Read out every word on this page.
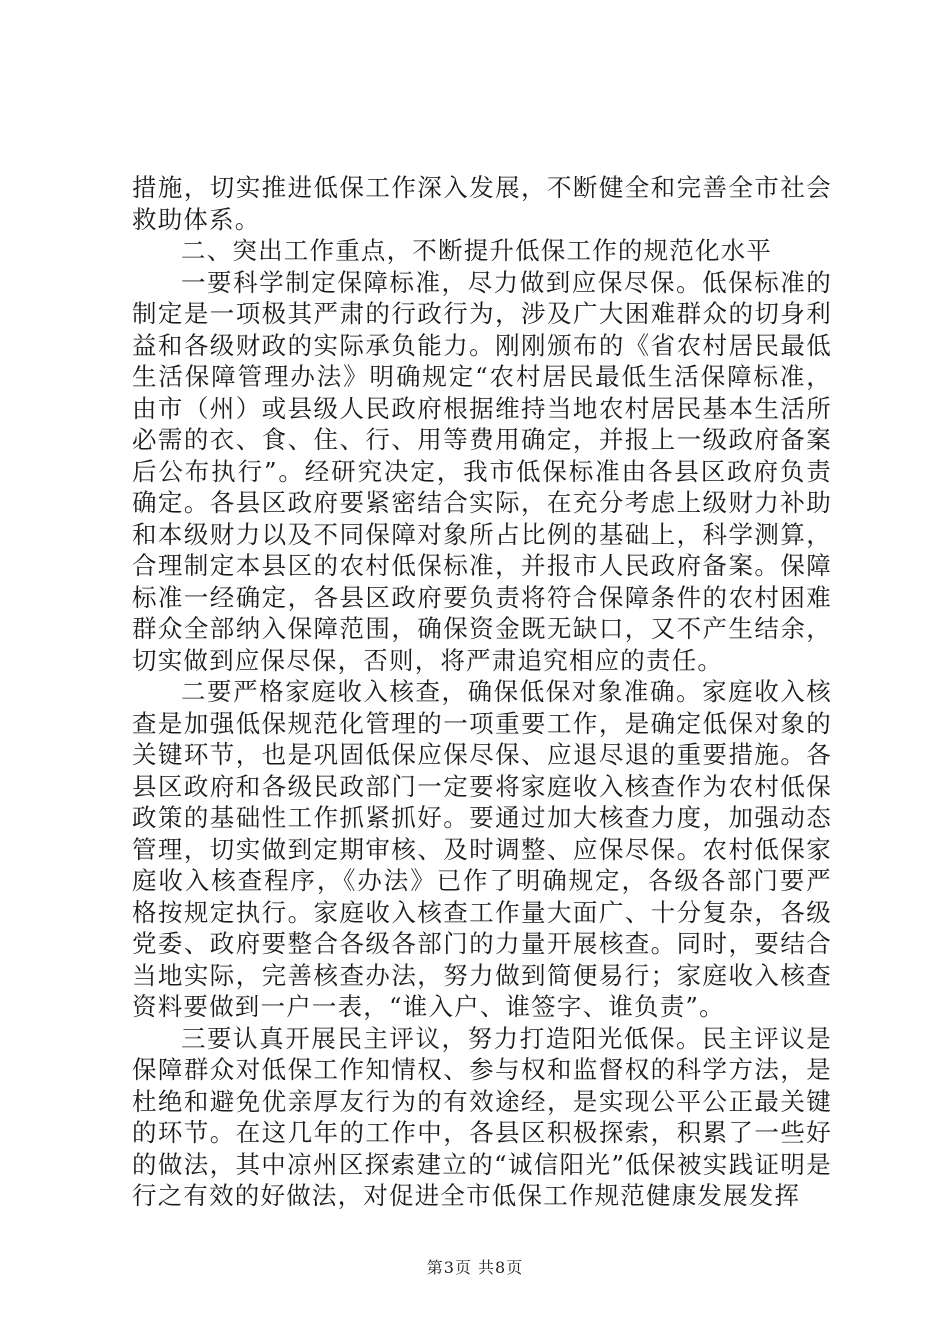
措施，切实推进低保工作深入发展，不断健全和完善全市社会救助体系。

二、突出工作重点，不断提升低保工作的规范化水平

一要科学制定保障标准，尽力做到应保尽保。低保标准的制定是一项极其严肃的行政行为，涉及广大困难群众的切身利益和各级财政的实际承负能力。刚刚颁布的《省农村居民最低生活保障管理办法》明确规定“农村居民最低生活保障标准，由市（州）或县级人民政府根据维持当地农村居民基本生活所必需的衣、食、住、行、用等费用确定，并报上一级政府备案后公布执行”。经研究决定，我市低保标准由各县区政府负责确定。各县区政府要紧密结合实际，在充分考虑上级财力补助和本级财力以及不同保障对象所占比例的基础上，科学测算，合理制定本县区的农村低保标准，并报市人民政府备案。保障标准一经确定，各县区政府要负责将符合保障条件的农村困难群众全部纳入保障范围，确保资金既无缺口，又不产生结余，切实做到应保尽保，否则，将严肃追究相应的责任。

二要严格家庭收入核查，确保低保对象准确。家庭收入核查是加强低保规范化管理的一项重要工作，是确定低保对象的关键环节，也是巩固低保应保尽保、应退尽退的重要措施。各县区政府和各级民政部门一定要将家庭收入核查作为农村低保政策的基础性工作抓紧抓好。要通过加大核查力度，加强动态管理，切实做到定期审核、及时调整、应保尽保。农村低保家庭收入核查程序，《办法》已作了明确规定，各级各部门要严格按规定执行。家庭收入核查工作量大面广、十分复杂，各级党委、政府要整合各级各部门的力量开展核查。同时，要结合当地实际，完善核查办法，努力做到简便易行；家庭收入核查资料要做到一户一表，“谁入户、谁签字、谁负责”。

三要认真开展民主评议，努力打造阳光低保。民主评议是保障群众对低保工作知情权、参与权和监督权的科学方法，是杜绝和避免优亲厚友行为的有效途经，是实现公平公正最关键的环节。在这几年的工作中，各县区积极探索，积累了一些好的做法，其中凉州区探索建立的“诚信阳光”低保被实践证明是行之有效的好做法，对促进全市低保工作规范健康发展发挥

第3页 共8页
